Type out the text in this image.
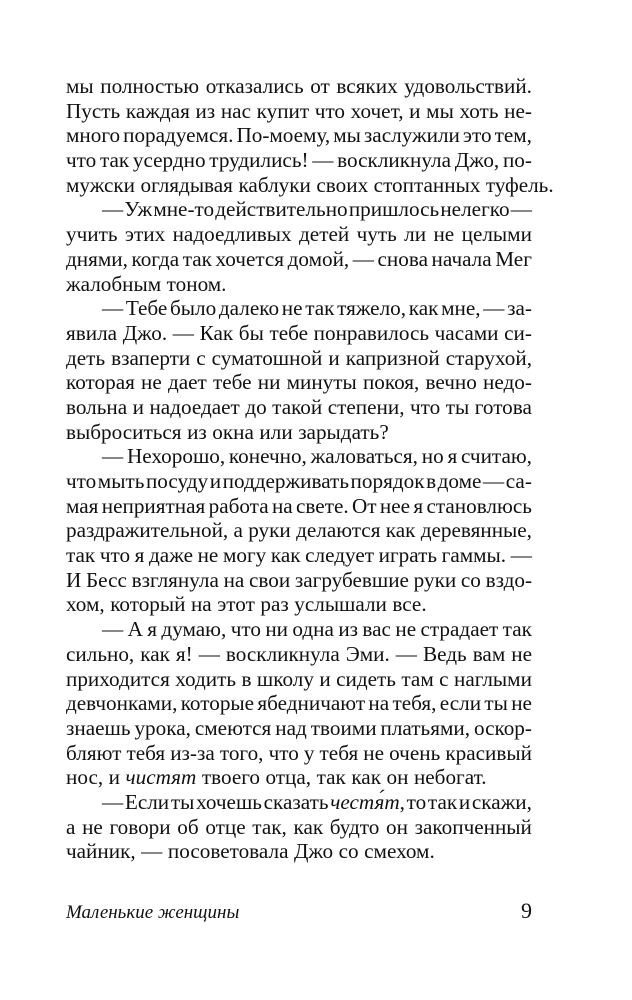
мы полностью отказались от всяких удовольствий.
Пусть каждая из нас купит что хочет, и мы хоть не-
много порадуемся. По-моему, мы заслужили это тем,
что так усердно трудились! — воскликнула Джо, по-
мужски оглядывая каблуки своих стоптанных туфель.
— Уж мне-то действительно пришлось нелегко —
учить этих надоедливых детей чуть ли не целыми
днями, когда так хочется домой, — снова начала Мег
жалобным тоном.
— Тебе было далеко не так тяжело, как мне, — за-
явила Джо. — Как бы тебе понравилось часами си-
деть взаперти с суматошной и капризной старухой,
которая не дает тебе ни минуты покоя, вечно недо-
вольна и надоедает до такой степени, что ты готова
выброситься из окна или зарыдать?
— Нехорошо, конечно, жаловаться, но я считаю,
что мыть посуду и поддерживать порядок в доме — са-
мая неприятная работа на свете. От нее я становлюсь
раздражительной, а руки делаются как деревянные,
так что я даже не могу как следует играть гаммы. —
И Бесс взглянула на свои загрубевшие руки со вздо-
хом, который на этот раз услышали все.
— А я думаю, что ни одна из вас не страдает так
сильно, как я! — воскликнула Эми. — Ведь вам не
приходится ходить в школу и сидеть там с наглыми
девчонками, которые ябедничают на тебя, если ты не
знаешь урока, смеются над твоими платьями, оскор-
бляют тебя из-за того, что у тебя не очень красивый
нос, и чистят твоего отца, так как он небогат.
— Если ты хочешь сказать честя́т, то так и скажи,
а не говори об отце так, как будто он закопченный
чайник, — посоветовала Джо со смехом.
Маленькие женщины	9
